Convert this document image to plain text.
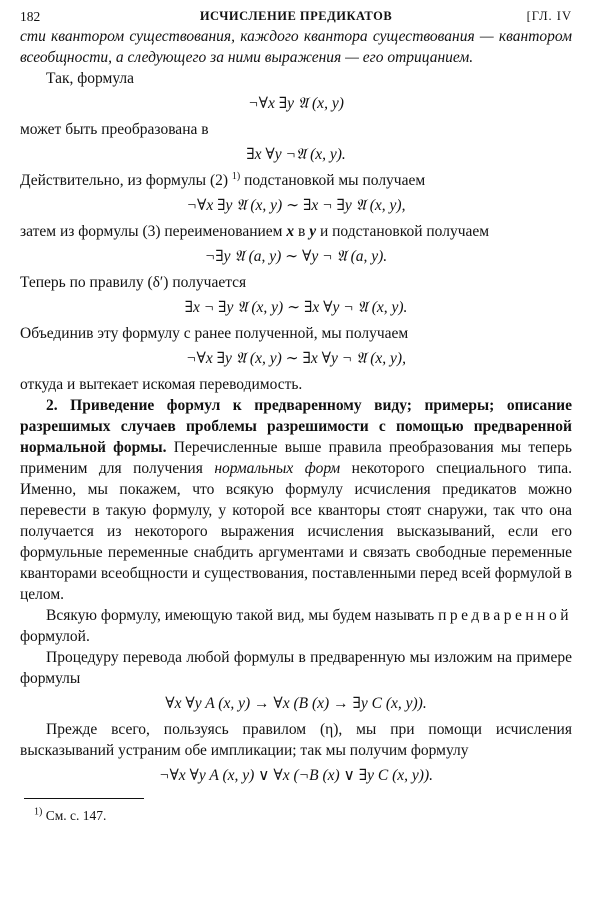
182	ИСЧИСЛЕНИЕ ПРЕДИКАТОВ	[ГЛ. IV

сти квантором существования, каждого квантора существования — квантором всеобщности, а следующего за ними выражения — его отрицанием.

Так, формула

¬∀x ∃y 𝔄 (x, y)

может быть преобразована в

∃x ∀y ¬𝔄 (x, y).

Действительно, из формулы (2) $^{1)}$ подстановкой мы получаем

¬∀x ∃y 𝔄 (x, y) ∼ ∃x ¬ ∃y 𝔄 (x, y),

затем из формулы (3) переименованием x в y и подстановкой получаем

¬∃y 𝔄 (a, y) ∼ ∀y ¬ 𝔄 (a, y).

Теперь по правилу (δ′) получается

∃x ¬ ∃y 𝔄 (x, y) ∼ ∃x ∀y ¬ 𝔄 (x, y).

Объединив эту формулу с ранее полученной, мы получаем

¬∀x ∃y 𝔄 (x, y) ∼ ∃x ∀y ¬ 𝔄 (x, y),

откуда и вытекает искомая переводимость.

2. Приведение формул к предваренному виду; примеры; описание разрешимых случаев проблемы разрешимости с помощью предваренной нормальной формы. Перечисленные выше правила преобразования мы теперь применим для получения нормальных форм некоторого специального типа. Именно, мы покажем, что всякую формулу исчисления предикатов можно перевести в такую формулу, у которой все кванторы стоят снаружи, так что она получается из некоторого выражения исчисления высказываний, если его формульные переменные снабдить аргументами и связать свободные переменные кванторами всеобщности и существования, поставленными перед всей формулой в целом.

Всякую формулу, имеющую такой вид, мы будем называть предваренной формулой.

Процедуру перевода любой формулы в предваренную мы изложим на примере формулы

∀x ∀y A (x, y) → ∀x (B (x) → ∃y C (x, y)).

Прежде всего, пользуясь правилом (η), мы при помощи исчисления высказываний устраним обе импликации; так мы получим формулу

¬∀x ∀y A (x, y) ∨ ∀x (¬B (x) ∨ ∃y C (x, y)).
$^{1)}$ См. с. 147.
